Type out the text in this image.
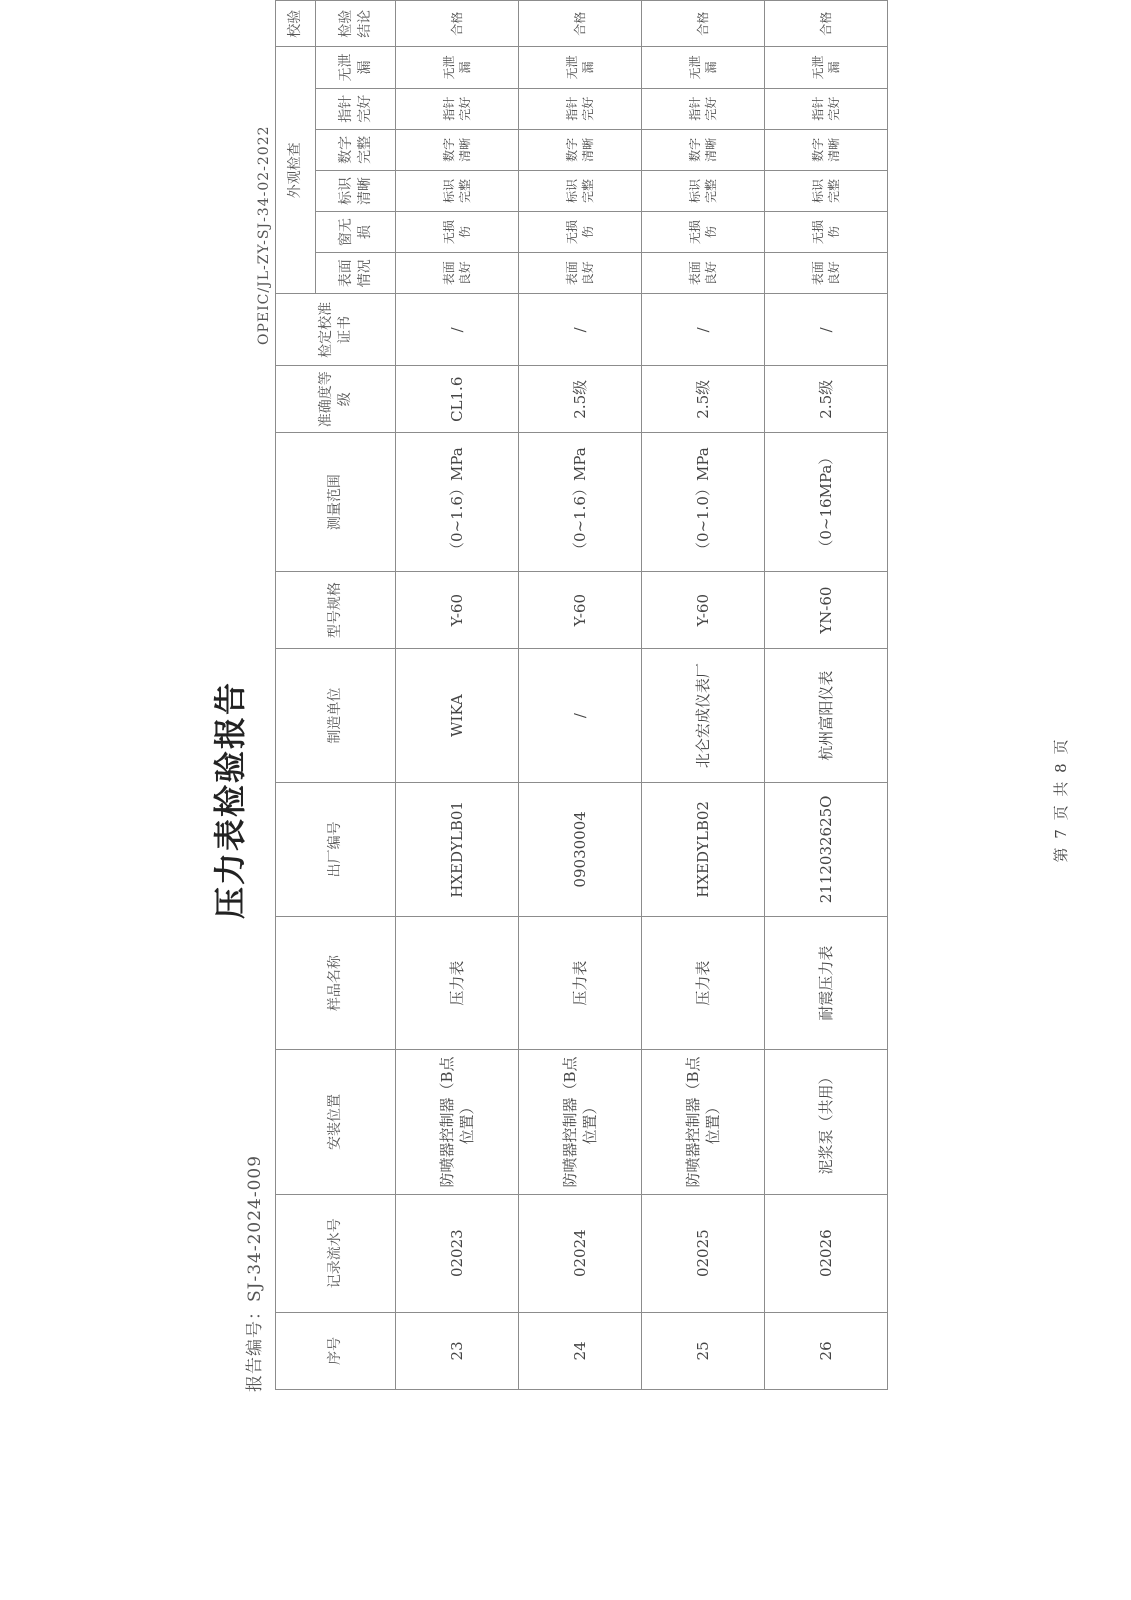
OPEIC/JL-ZY-SJ-34-02-2022
压力表检验报告
报告编号：SJ-34-2024-009	序号	记录流水号	安装位置	样品名称	出厂编号	制造单位	型号规格	测量范围	准确度等级	检定校准证书	外观检查						校验
										表面情况	窗无损	标识清晰	数字完整	指针完好	无泄漏	检验结论
23	02023	防喷器控制器（B点位置）	压力表	HXEDYLB01	WIKA	Y-60	（0~1.6）MPa	CL1.6	/	表面良好	无损伤	标识完整	数字清晰	指针完好	无泄漏	合格
24	02024	防喷器控制器（B点位置）	压力表	09030004	/	Y-60	（0~1.6）MPa	2.5级	/	表面良好	无损伤	标识完整	数字清晰	指针完好	无泄漏	合格
25	02025	防喷器控制器（B点位置）	压力表	HXEDYLB02	北仑宏成仪表厂	Y-60	（0~1.0）MPa	2.5级	/	表面良好	无损伤	标识完整	数字清晰	指针完好	无泄漏	合格
26	02026	泥浆泵（共用）	耐震压力表	2112032625O	杭州富阳仪表	YN-60	（0~16MPa）	2.5级	/	表面良好	无损伤	标识完整	数字清晰	指针完好	无泄漏	合格
第 7 页 共 8 页
